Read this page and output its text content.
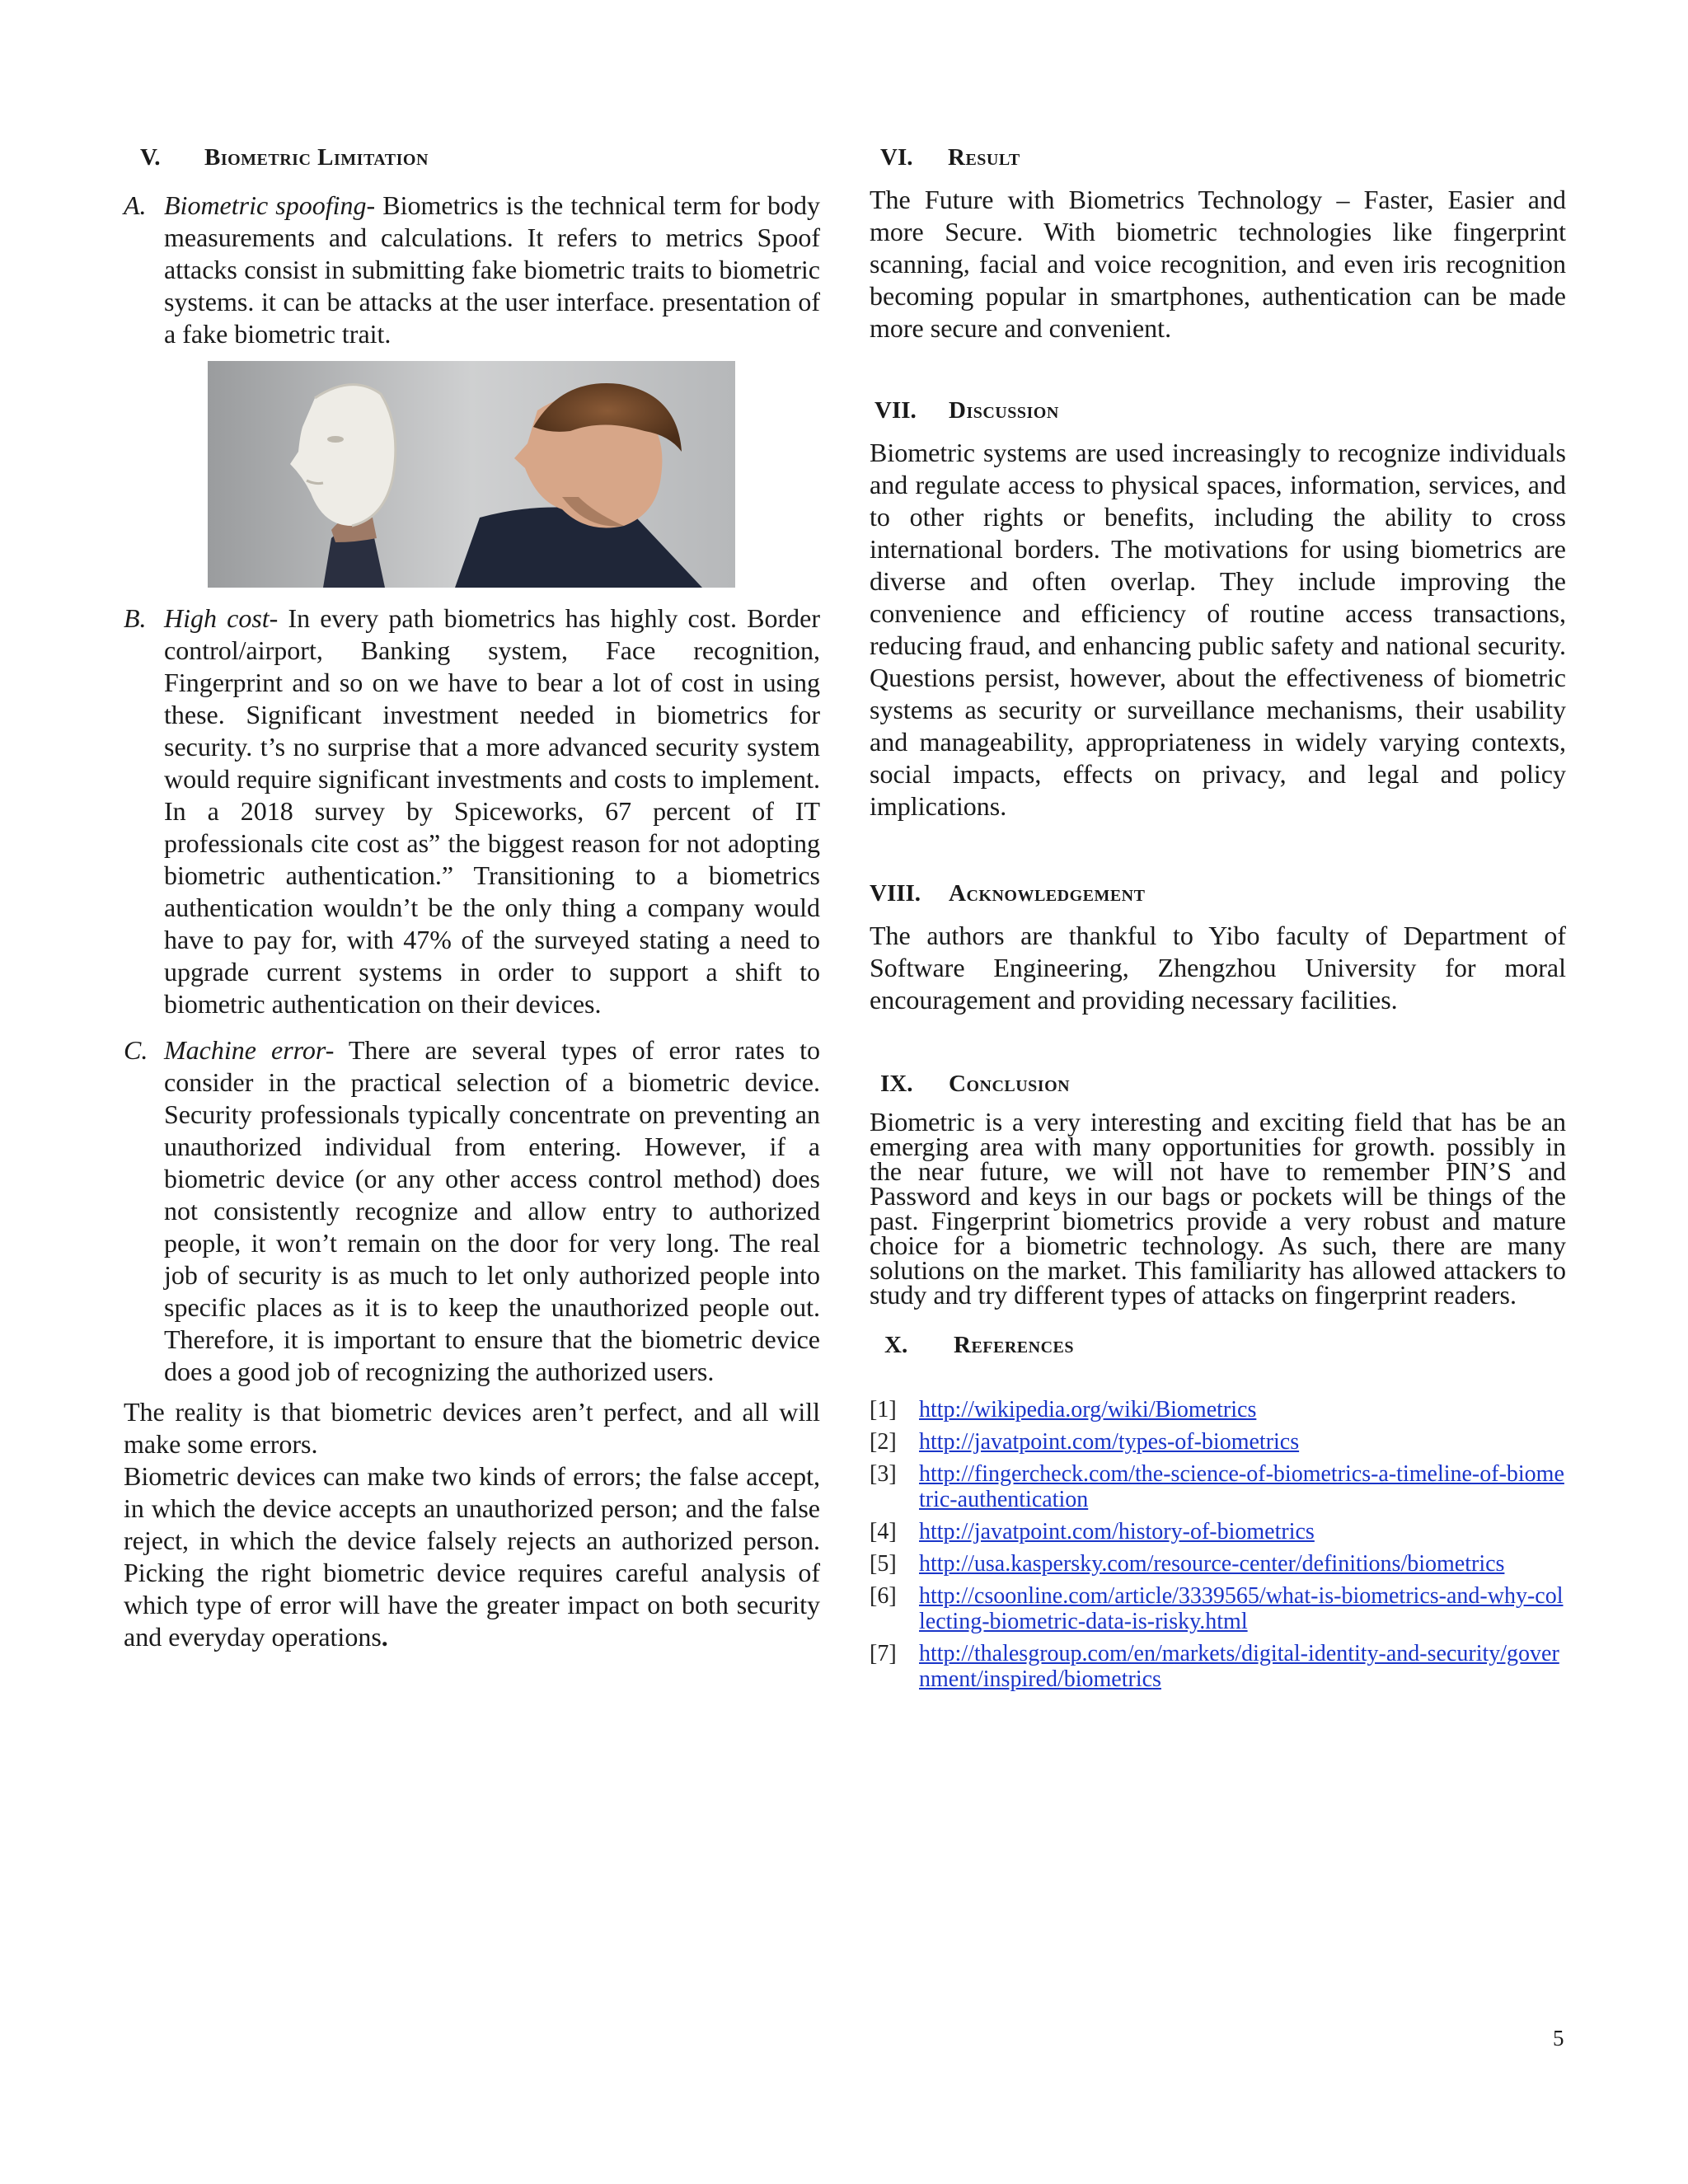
V.	Biometric Limitation

A. Biometric spoofing- Biometrics is the technical term for body measurements and calculations. It refers to metrics Spoof attacks consist in submitting fake biometric traits to biometric systems. it can be attacks at the user interface. presentation of a fake biometric trait.

B. High cost- In every path biometrics has highly cost. Border control/airport, Banking system, Face recognition, Fingerprint and so on we have to bear a lot of cost in using these. Significant investment needed in biometrics for security. t’s no surprise that a more advanced security system would require significant investments and costs to implement. In a 2018 survey by Spiceworks, 67 percent of IT professionals cite cost as” the biggest reason for not adopting biometric authentication.” Transitioning to a biometrics authentication wouldn’t be the only thing a company would have to pay for, with 47% of the surveyed stating a need to upgrade current systems in order to support a shift to biometric authentication on their devices.

C. Machine error- There are several types of error rates to consider in the practical selection of a biometric device. Security professionals typically concentrate on preventing an unauthorized individual from entering. However, if a biometric device (or any other access control method) does not consistently recognize and allow entry to authorized people, it won’t remain on the door for very long. The real job of security is as much to let only authorized people into specific places as it is to keep the unauthorized people out. Therefore, it is important to ensure that the biometric device does a good job of recognizing the authorized users.

The reality is that biometric devices aren’t perfect, and all will make some errors.

Biometric devices can make two kinds of errors; the false accept, in which the device accepts an unauthorized person; and the false reject, in which the device falsely rejects an authorized person. Picking the right biometric device requires careful analysis of which type of error will have the greater impact on both security and everyday operations.

VI.	Result

The Future with Biometrics Technology – Faster, Easier and more Secure. With biometric technologies like fingerprint scanning, facial and voice recognition, and even iris recognition becoming popular in smartphones, authentication can be made more secure and convenient.

VII.	Discussion

Biometric systems are used increasingly to recognize individuals and regulate access to physical spaces, information, services, and to other rights or benefits, including the ability to cross international borders. The motivations for using biometrics are diverse and often overlap. They include improving the convenience and efficiency of routine access transactions, reducing fraud, and enhancing public safety and national security. Questions persist, however, about the effectiveness of biometric systems as security or surveillance mechanisms, their usability and manageability, appropriateness in widely varying contexts, social impacts, effects on privacy, and legal and policy implications.

VIII.	Acknowledgement

The authors are thankful to Yibo faculty of Department of Software Engineering, Zhengzhou University for moral encouragement and providing necessary facilities.

IX.	Conclusion

Biometric is a very interesting and exciting field that has be an emerging area with many opportunities for growth. possibly in the near future, we will not have to remember PIN’S and Password and keys in our bags or pockets will be things of the past. Fingerprint biometrics provide a very robust and mature choice for a biometric technology. As such, there are many solutions on the market. This familiarity has allowed attackers to study and try different types of attacks on fingerprint readers.

X.	References
[1] http://wikipedia.org/wiki/Biometrics
[2] http://javatpoint.com/types-of-biometrics
[3] http://fingercheck.com/the-science-of-biometrics-a-timeline-of-biometric-authentication
[4] http://javatpoint.com/history-of-biometrics
[5] http://usa.kaspersky.com/resource-center/definitions/biometrics
[6] http://csoonline.com/article/3339565/what-is-biometrics-and-why-collecting-biometric-data-is-risky.html
[7] http://thalesgroup.com/en/markets/digital-identity-and-security/government/inspired/biometrics
5
